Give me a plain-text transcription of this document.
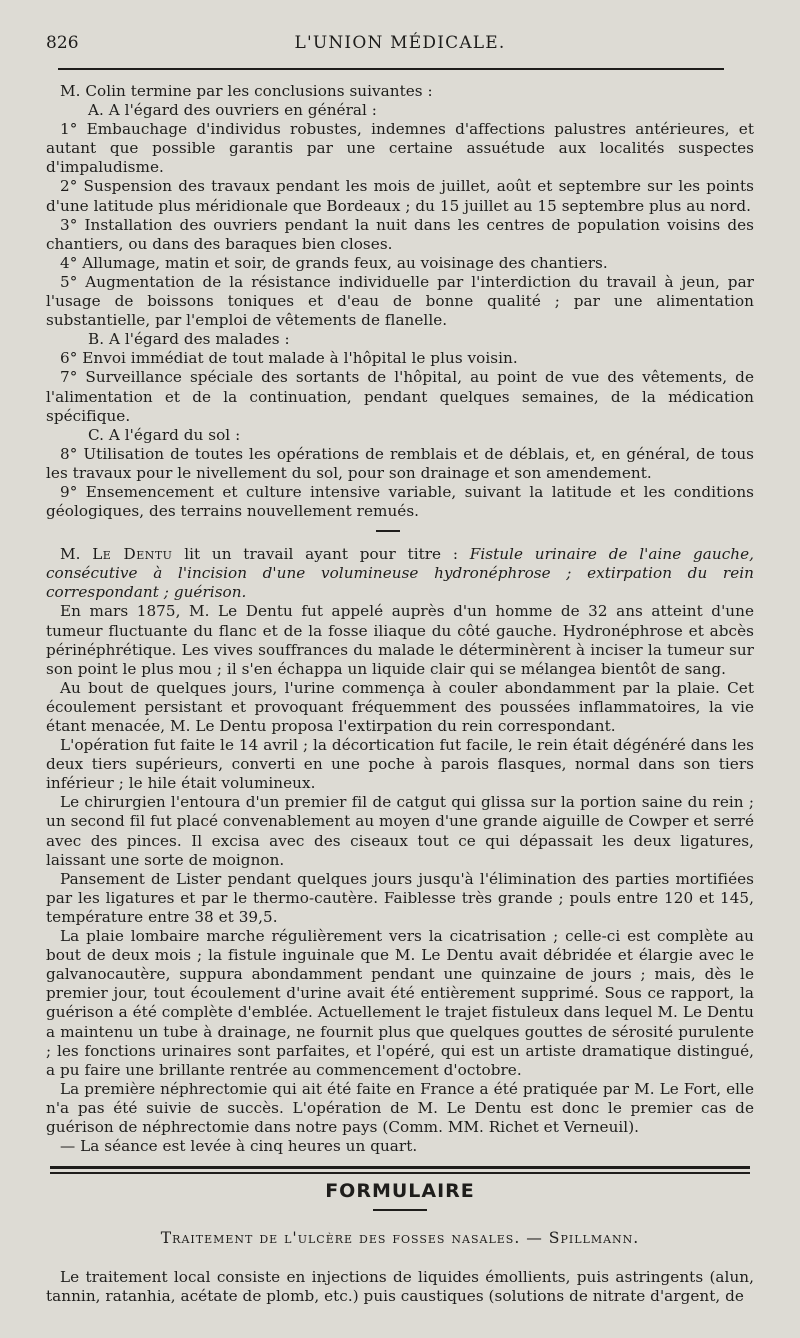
826	L'UNION MÉDICALE.

M. Colin termine par les conclusions suivantes :

A. A l'égard des ouvriers en général :

1° Embauchage d'individus robustes, indemnes d'affections palustres antérieures, et autant que possible garantis par une certaine assuétude aux localités suspectes d'impaludisme.

2° Suspension des travaux pendant les mois de juillet, août et septembre sur les points d'une latitude plus méridionale que Bordeaux ; du 15 juillet au 15 septembre plus au nord.

3° Installation des ouvriers pendant la nuit dans les centres de population voisins des chantiers, ou dans des baraques bien closes.

4° Allumage, matin et soir, de grands feux, au voisinage des chantiers.

5° Augmentation de la résistance individuelle par l'interdiction du travail à jeun, par l'usage de boissons toniques et d'eau de bonne qualité ; par une alimentation substantielle, par l'emploi de vêtements de flanelle.

B. A l'égard des malades :

6° Envoi immédiat de tout malade à l'hôpital le plus voisin.

7° Surveillance spéciale des sortants de l'hôpital, au point de vue des vêtements, de l'alimentation et de la continuation, pendant quelques semaines, de la médication spécifique.

C. A l'égard du sol :

8° Utilisation de toutes les opérations de remblais et de déblais, et, en général, de tous les travaux pour le nivellement du sol, pour son drainage et son amendement.

9° Ensemencement et culture intensive variable, suivant la latitude et les conditions géologiques, des terrains nouvellement remués.

M. Le Dentu lit un travail ayant pour titre : Fistule urinaire de l'aine gauche, consécutive à l'incision d'une volumineuse hydronéphrose ; extirpation du rein correspondant ; guérison.

En mars 1875, M. Le Dentu fut appelé auprès d'un homme de 32 ans atteint d'une tumeur fluctuante du flanc et de la fosse iliaque du côté gauche. Hydronéphrose et abcès périnéphrétique. Les vives souffrances du malade le déterminèrent à inciser la tumeur sur son point le plus mou ; il s'en échappa un liquide clair qui se mélangea bientôt de sang.

Au bout de quelques jours, l'urine commença à couler abondamment par la plaie. Cet écoulement persistant et provoquant fréquemment des poussées inflammatoires, la vie étant menacée, M. Le Dentu proposa l'extirpation du rein correspondant.

L'opération fut faite le 14 avril ; la décortication fut facile, le rein était dégénéré dans les deux tiers supérieurs, converti en une poche à parois flasques, normal dans son tiers inférieur ; le hile était volumineux.

Le chirurgien l'entoura d'un premier fil de catgut qui glissa sur la portion saine du rein ; un second fil fut placé convenablement au moyen d'une grande aiguille de Cowper et serré avec des pinces. Il excisa avec des ciseaux tout ce qui dépassait les deux ligatures, laissant une sorte de moignon.

Pansement de Lister pendant quelques jours jusqu'à l'élimination des parties mortifiées par les ligatures et par le thermo-cautère. Faiblesse très grande ; pouls entre 120 et 145, température entre 38 et 39,5.

La plaie lombaire marche régulièrement vers la cicatrisation ; celle-ci est complète au bout de deux mois ; la fistule inguinale que M. Le Dentu avait débridée et élargie avec le galvanocautère, suppura abondamment pendant une quinzaine de jours ; mais, dès le premier jour, tout écoulement d'urine avait été entièrement supprimé. Sous ce rapport, la guérison a été complète d'emblée. Actuellement le trajet fistuleux dans lequel M. Le Dentu a maintenu un tube à drainage, ne fournit plus que quelques gouttes de sérosité purulente ; les fonctions urinaires sont parfaites, et l'opéré, qui est un artiste dramatique distingué, a pu faire une brillante rentrée au commencement d'octobre.

La première néphrectomie qui ait été faite en France a été pratiquée par M. Le Fort, elle n'a pas été suivie de succès. L'opération de M. Le Dentu est donc le premier cas de guérison de néphrectomie dans notre pays (Comm. MM. Richet et Verneuil).

— La séance est levée à cinq heures un quart.

FORMULAIRE
Traitement de l'ulcère des fosses nasales. — Spillmann.

Le traitement local consiste en injections de liquides émollients, puis astringents (alun, tannin, ratanhia, acétate de plomb, etc.) puis caustiques (solutions de nitrate d'argent, de
